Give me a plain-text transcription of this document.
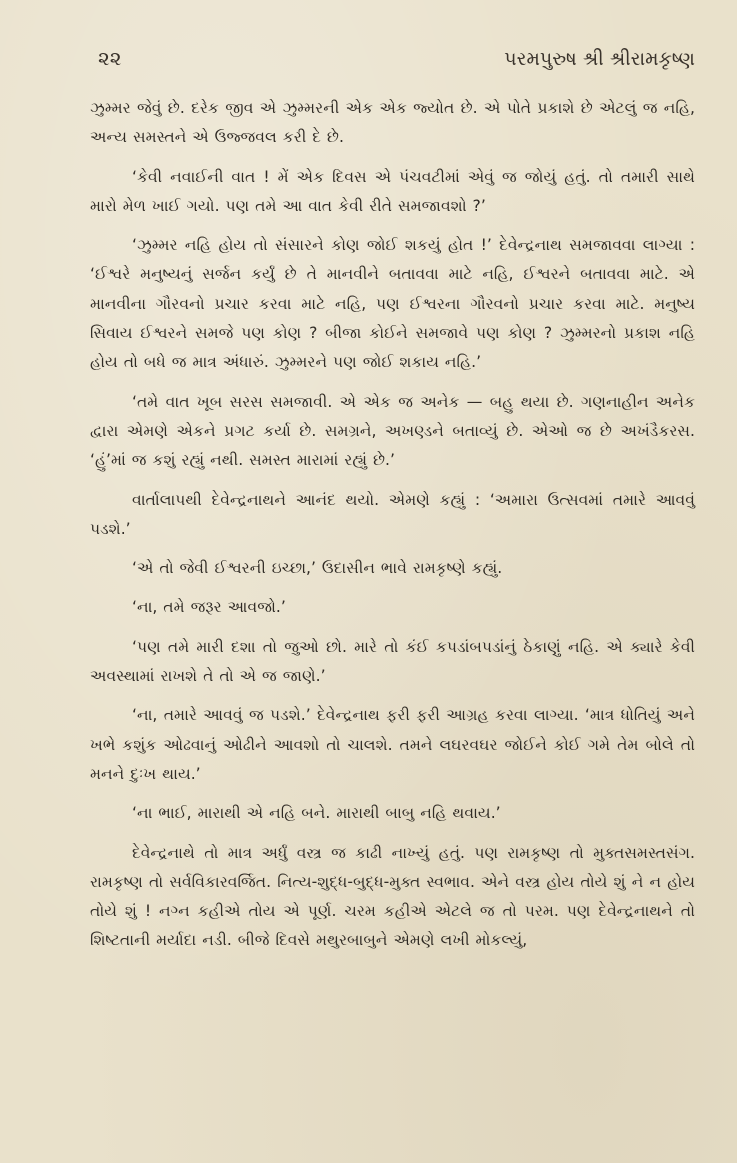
૨૨	પરમપુરુષ શ્રી શ્રીરામકૃષ્ણ

ઝુમ્મર જેવું છે. દરેક જીવ એ ઝુમ્મરની એક એક જ્યોત છે. એ પોતે પ્રકાશે છે એટલું જ નહિ, અન્ય સમસ્તને એ ઉજ્જવલ કરી દે છે.

‘કેવી નવાઈની વાત ! મેં એક દિવસ એ પંચવટીમાં એવું જ જોયું હતું. તો તમારી સાથે મારો મેળ ખાઈ ગયો. પણ તમે આ વાત કેવી રીતે સમજાવશો ?’

‘ઝુમ્મર નહિ હોય તો સંસારને કોણ જોઈ શકયું હોત !’ દેવેન્દ્રનાથ સમજાવવા લાગ્યા : ‘ઈશ્વરે મનુષ્યનું સર્જન કર્યું છે તે માનવીને બતાવવા માટે નહિ, ઈશ્વરને બતાવવા માટે. એ માનવીના ગૌરવનો પ્રચાર કરવા માટે નહિ, પણ ઈશ્વરના ગૌરવનો પ્રચાર કરવા માટે. મનુષ્ય સિવાય ઈશ્વરને સમજે પણ કોણ ? બીજા કોઈને સમજાવે પણ કોણ ? ઝુમ્મરનો પ્રકાશ નહિ હોય તો બધે જ માત્ર અંધારું. ઝુમ્મરને પણ જોઈ શકાય નહિ.’

‘તમે વાત ખૂબ સરસ સમજાવી. એ એક જ અનેક — બહુ થયા છે. ગણનાહીન અનેક દ્વારા એમણે એકને પ્રગટ કર્યા છે. સમગ્રને, અખણ્ડને બતાવ્યું છે. એઓ જ છે અખંડૈકરસ. ‘હું’માં જ કશું રહ્યું નથી. સમસ્ત મારામાં રહ્યું છે.’

વાર્તાલાપથી દેવેન્દ્રનાથને આનંદ થયો. એમણે કહ્યું : ‘અમારા ઉત્સવમાં તમારે આવવું પડશે.’

‘એ તો જેવી ઈશ્વરની ઇચ્છા,’ ઉદાસીન ભાવે રામકૃષ્ણે કહ્યું.

‘ના, તમે જરૂર આવજો.’

‘પણ તમે મારી દશા તો જુઓ છો. મારે તો કંઈ કપડાંબપડાંનું ઠેકાણું નહિ. એ ક્યારે કેવી અવસ્થામાં રાખશે તે તો એ જ જાણે.’

‘ના, તમારે આવવું જ પડશે.’ દેવેન્દ્રનાથ ફરી ફરી આગ્રહ કરવા લાગ્યા. ‘માત્ર ધોતિયું અને ખભે કશુંક ઓઢવાનું ઓઢીને આવશો તો ચાલશે. તમને લઘરવઘર જોઈને કોઈ ગમે તેમ બોલે તો મનને દુઃખ થાય.’

‘ના ભાઈ, મારાથી એ નહિ બને. મારાથી બાબુ નહિ થવાય.’

દેવેન્દ્રનાથે તો માત્ર અર્ધું વસ્ત્ર જ કાઢી નાખ્યું હતું. પણ રામકૃષ્ણ તો મુક્તસમસ્તસંગ. રામકૃષ્ણ તો સર્વવિકારવર્જિત. નિત્ય-શુદ્ધ-બુદ્ધ-મુક્ત સ્વભાવ. એને વસ્ત્ર હોય તોયે શું ને ન હોય તોયે શું ! નગ્ન કહીએ તોય એ પૂર્ણ. ચરમ કહીએ એટલે જ તો પરમ. પણ દેવેન્દ્રનાથને તો શિષ્ટતાની મર્યાદા નડી. બીજે દિવસે મથુરબાબુને એમણે લખી મોકલ્યું,
